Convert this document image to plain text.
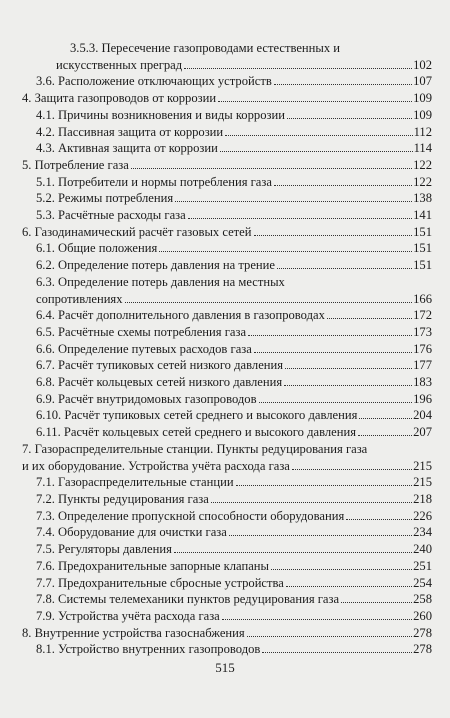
3.5.3. Пересечение газопроводами естественных и
искусственных преград	102
3.6. Расположение отключающих устройств	107
4. Защита газопроводов от коррозии	109
4.1. Причины возникновения и виды коррозии	109
4.2. Пассивная защита от коррозии	112
4.3. Активная защита от коррозии	114
5. Потребление газа	122
5.1. Потребители и нормы потребления газа	122
5.2. Режимы потребления	138
5.3. Расчётные расходы газа	141
6. Газодинамический расчёт газовых сетей	151
6.1. Общие положения	151
6.2. Определение потерь давления на трение	151
6.3. Определение потерь давления на местных
сопротивлениях	166
6.4. Расчёт дополнительного давления в газопроводах	172
6.5. Расчётные схемы потребления газа	173
6.6. Определение путевых расходов газа	176
6.7. Расчёт тупиковых сетей низкого давления	177
6.8. Расчёт кольцевых сетей низкого давления	183
6.9. Расчёт внутридомовых газопроводов	196
6.10. Расчёт тупиковых сетей среднего и высокого давления	204
6.11. Расчёт кольцевых сетей среднего и высокого давления	207
7. Газораспределительные станции. Пункты редуцирования газа
и их оборудование. Устройства учёта расхода газа	215
7.1. Газораспределительные станции	215
7.2. Пункты редуцирования газа	218
7.3. Определение пропускной способности оборудования	226
7.4. Оборудование для очистки газа	234
7.5. Регуляторы давления	240
7.6. Предохранительные запорные клапаны	251
7.7. Предохранительные сбросные устройства	254
7.8. Системы телемеханики пунктов редуцирования газа	258
7.9. Устройства учёта расхода газа	260
8. Внутренние устройства газоснабжения	278
8.1. Устройство внутренних газопроводов	278
515
